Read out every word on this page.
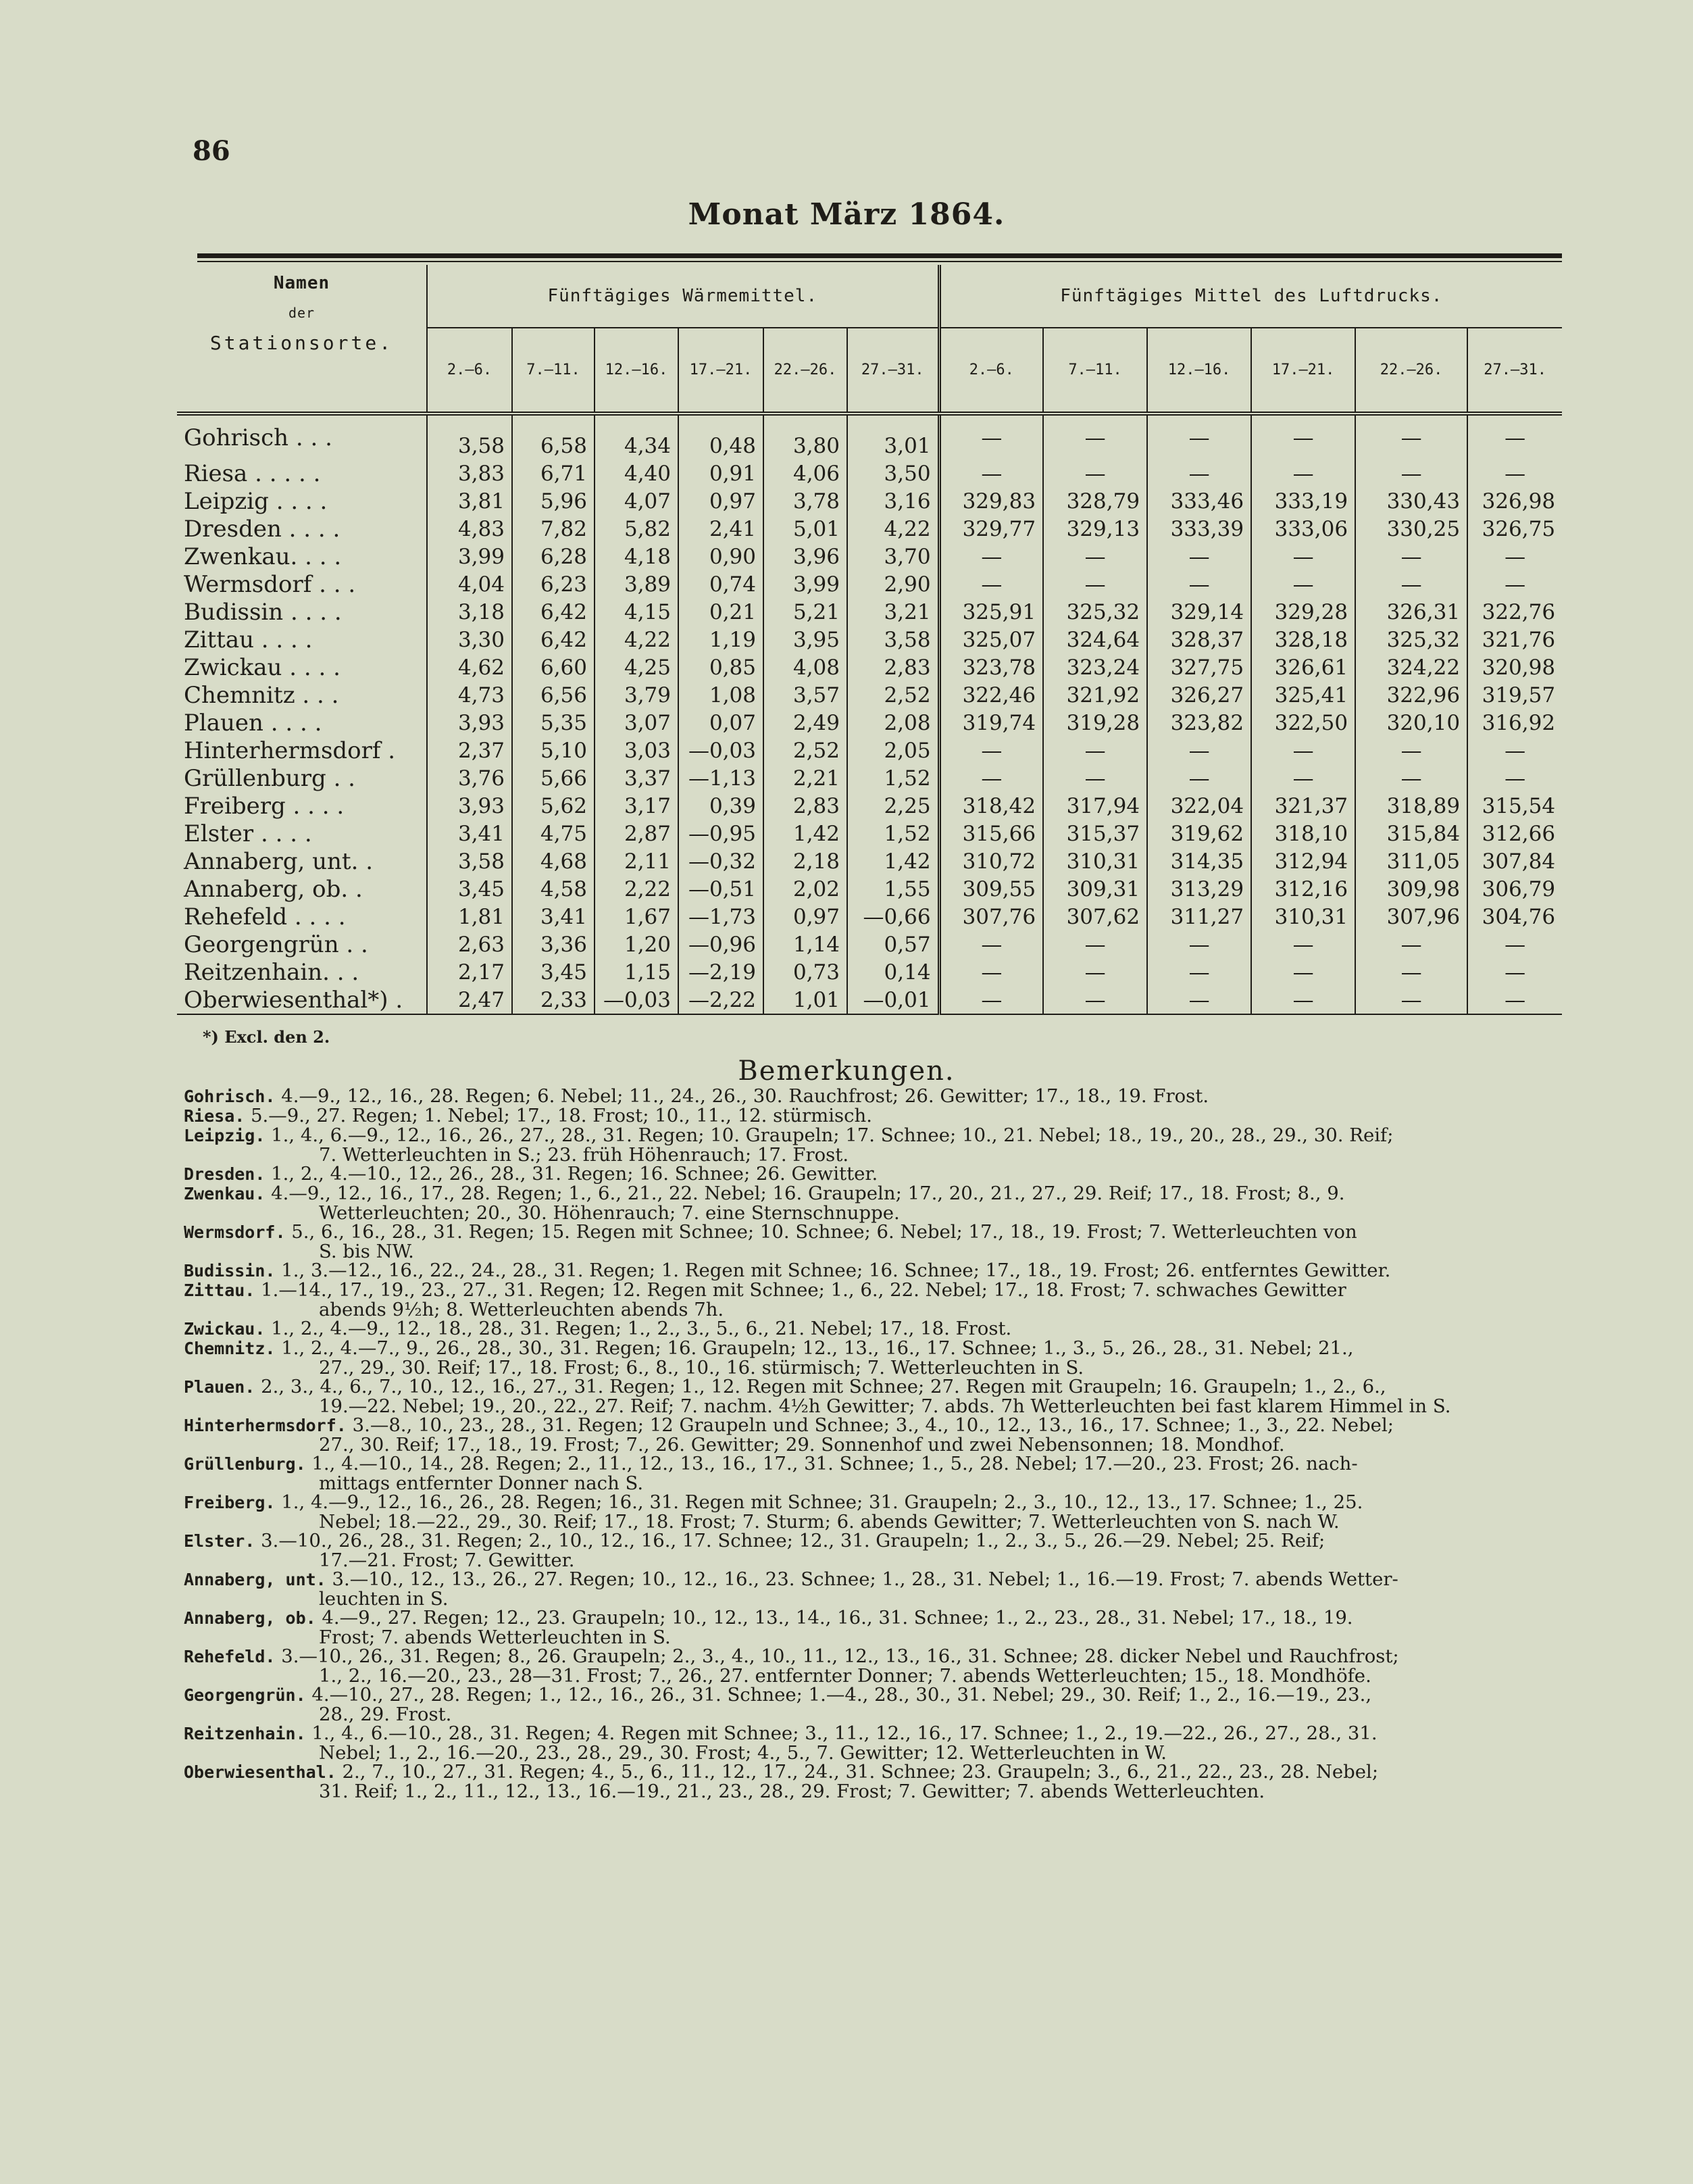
86
Monat März 1864.
Namen
der	Fünftägiges Wärmemittel.						Fünftägiges Mittel des Luftdrucks.					
Stationsorte.	2.—6.	7.—11.	12.—16.	17.—21.	22.—26.	27.—31.	2.—6.	7.—11.	12.—16.	17.—21.	22.—26.	27.—31.
Gohrisch . . .	3,58	6,58	4,34	0,48	3,80	3,01	—	—	—	—	—	—
Riesa . . . . .	3,83	6,71	4,40	0,91	4,06	3,50	—	—	—	—	—	—
Leipzig . . . .	3,81	5,96	4,07	0,97	3,78	3,16	329,83	328,79	333,46	333,19	330,43	326,98
Dresden . . . .	4,83	7,82	5,82	2,41	5,01	4,22	329,77	329,13	333,39	333,06	330,25	326,75
Zwenkau. . . .	3,99	6,28	4,18	0,90	3,96	3,70	—	—	—	—	—	—
Wermsdorf . . .	4,04	6,23	3,89	0,74	3,99	2,90	—	—	—	—	—	—
Budissin . . . .	3,18	6,42	4,15	0,21	5,21	3,21	325,91	325,32	329,14	329,28	326,31	322,76
Zittau . . . .	3,30	6,42	4,22	1,19	3,95	3,58	325,07	324,64	328,37	328,18	325,32	321,76
Zwickau . . . .	4,62	6,60	4,25	0,85	4,08	2,83	323,78	323,24	327,75	326,61	324,22	320,98
Chemnitz . . .	4,73	6,56	3,79	1,08	3,57	2,52	322,46	321,92	326,27	325,41	322,96	319,57
Plauen . . . .	3,93	5,35	3,07	0,07	2,49	2,08	319,74	319,28	323,82	322,50	320,10	316,92
Hinterhermsdorf .	2,37	5,10	3,03	—0,03	2,52	2,05	—	—	—	—	—	—
Grüllenburg . .	3,76	5,66	3,37	—1,13	2,21	1,52	—	—	—	—	—	—
Freiberg . . . .	3,93	5,62	3,17	0,39	2,83	2,25	318,42	317,94	322,04	321,37	318,89	315,54
Elster . . . .	3,41	4,75	2,87	—0,95	1,42	1,52	315,66	315,37	319,62	318,10	315,84	312,66
Annaberg, unt. .	3,58	4,68	2,11	—0,32	2,18	1,42	310,72	310,31	314,35	312,94	311,05	307,84
Annaberg, ob. .	3,45	4,58	2,22	—0,51	2,02	1,55	309,55	309,31	313,29	312,16	309,98	306,79
Rehefeld . . . .	1,81	3,41	1,67	—1,73	0,97	—0,66	307,76	307,62	311,27	310,31	307,96	304,76
Georgengrün . .	2,63	3,36	1,20	—0,96	1,14	0,57	—	—	—	—	—	—
Reitzenhain. . .	2,17	3,45	1,15	—2,19	0,73	0,14	—	—	—	—	—	—
Oberwiesenthal*) .	2,47	2,33	—0,03	—2,22	1,01	—0,01	—	—	—	—	—	—
*) Excl. den 2.
Bemerkungen.

Gohrisch. 4.—9., 12., 16., 28. Regen; 6. Nebel; 11., 24., 26., 30. Rauchfrost; 26. Gewitter; 17., 18., 19. Frost.

Riesa. 5.—9., 27. Regen; 1. Nebel; 17., 18. Frost; 10., 11., 12. stürmisch.

Leipzig. 1., 4., 6.—9., 12., 16., 26., 27., 28., 31. Regen; 10. Graupeln; 17. Schnee; 10., 21. Nebel; 18., 19., 20., 28., 29., 30. Reif;
7. Wetterleuchten in S.; 23. früh Höhenrauch; 17. Frost.

Dresden. 1., 2., 4.—10., 12., 26., 28., 31. Regen; 16. Schnee; 26. Gewitter.

Zwenkau. 4.—9., 12., 16., 17., 28. Regen; 1., 6., 21., 22. Nebel; 16. Graupeln; 17., 20., 21., 27., 29. Reif; 17., 18. Frost; 8., 9.
Wetterleuchten; 20., 30. Höhenrauch; 7. eine Sternschnuppe.

Wermsdorf. 5., 6., 16., 28., 31. Regen; 15. Regen mit Schnee; 10. Schnee; 6. Nebel; 17., 18., 19. Frost; 7. Wetterleuchten von
S. bis NW.

Budissin. 1., 3.—12., 16., 22., 24., 28., 31. Regen; 1. Regen mit Schnee; 16. Schnee; 17., 18., 19. Frost; 26. entferntes Gewitter.

Zittau. 1.—14., 17., 19., 23., 27., 31. Regen; 12. Regen mit Schnee; 1., 6., 22. Nebel; 17., 18. Frost; 7. schwaches Gewitter
abends 9½h; 8. Wetterleuchten abends 7h.

Zwickau. 1., 2., 4.—9., 12., 18., 28., 31. Regen; 1., 2., 3., 5., 6., 21. Nebel; 17., 18. Frost.

Chemnitz. 1., 2., 4.—7., 9., 26., 28., 30., 31. Regen; 16. Graupeln; 12., 13., 16., 17. Schnee; 1., 3., 5., 26., 28., 31. Nebel; 21.,
27., 29., 30. Reif; 17., 18. Frost; 6., 8., 10., 16. stürmisch; 7. Wetterleuchten in S.

Plauen. 2., 3., 4., 6., 7., 10., 12., 16., 27., 31. Regen; 1., 12. Regen mit Schnee; 27. Regen mit Graupeln; 16. Graupeln; 1., 2., 6.,
19.—22. Nebel; 19., 20., 22., 27. Reif; 7. nachm. 4½h Gewitter; 7. abds. 7h Wetterleuchten bei fast klarem Himmel in S.

Hinterhermsdorf. 3.—8., 10., 23., 28., 31. Regen; 12 Graupeln und Schnee; 3., 4., 10., 12., 13., 16., 17. Schnee; 1., 3., 22. Nebel;
27., 30. Reif; 17., 18., 19. Frost; 7., 26. Gewitter; 29. Sonnenhof und zwei Nebensonnen; 18. Mondhof.

Grüllenburg. 1., 4.—10., 14., 28. Regen; 2., 11., 12., 13., 16., 17., 31. Schnee; 1., 5., 28. Nebel; 17.—20., 23. Frost; 26. nach-
mittags entfernter Donner nach S.

Freiberg. 1., 4.—9., 12., 16., 26., 28. Regen; 16., 31. Regen mit Schnee; 31. Graupeln; 2., 3., 10., 12., 13., 17. Schnee; 1., 25.
Nebel; 18.—22., 29., 30. Reif; 17., 18. Frost; 7. Sturm; 6. abends Gewitter; 7. Wetterleuchten von S. nach W.

Elster. 3.—10., 26., 28., 31. Regen; 2., 10., 12., 16., 17. Schnee; 12., 31. Graupeln; 1., 2., 3., 5., 26.—29. Nebel; 25. Reif;
17.—21. Frost; 7. Gewitter.

Annaberg, unt. 3.—10., 12., 13., 26., 27. Regen; 10., 12., 16., 23. Schnee; 1., 28., 31. Nebel; 1., 16.—19. Frost; 7. abends Wetter-
leuchten in S.

Annaberg, ob. 4.—9., 27. Regen; 12., 23. Graupeln; 10., 12., 13., 14., 16., 31. Schnee; 1., 2., 23., 28., 31. Nebel; 17., 18., 19.
Frost; 7. abends Wetterleuchten in S.

Rehefeld. 3.—10., 26., 31. Regen; 8., 26. Graupeln; 2., 3., 4., 10., 11., 12., 13., 16., 31. Schnee; 28. dicker Nebel und Rauchfrost;
1., 2., 16.—20., 23., 28—31. Frost; 7., 26., 27. entfernter Donner; 7. abends Wetterleuchten; 15., 18. Mondhöfe.

Georgengrün. 4.—10., 27., 28. Regen; 1., 12., 16., 26., 31. Schnee; 1.—4., 28., 30., 31. Nebel; 29., 30. Reif; 1., 2., 16.—19., 23.,
28., 29. Frost.

Reitzenhain. 1., 4., 6.—10., 28., 31. Regen; 4. Regen mit Schnee; 3., 11., 12., 16., 17. Schnee; 1., 2., 19.—22., 26., 27., 28., 31.
Nebel; 1., 2., 16.—20., 23., 28., 29., 30. Frost; 4., 5., 7. Gewitter; 12. Wetterleuchten in W.

Oberwiesenthal. 2., 7., 10., 27., 31. Regen; 4., 5., 6., 11., 12., 17., 24., 31. Schnee; 23. Graupeln; 3., 6., 21., 22., 23., 28. Nebel;
31. Reif; 1., 2., 11., 12., 13., 16.—19., 21., 23., 28., 29. Frost; 7. Gewitter; 7. abends Wetterleuchten.
